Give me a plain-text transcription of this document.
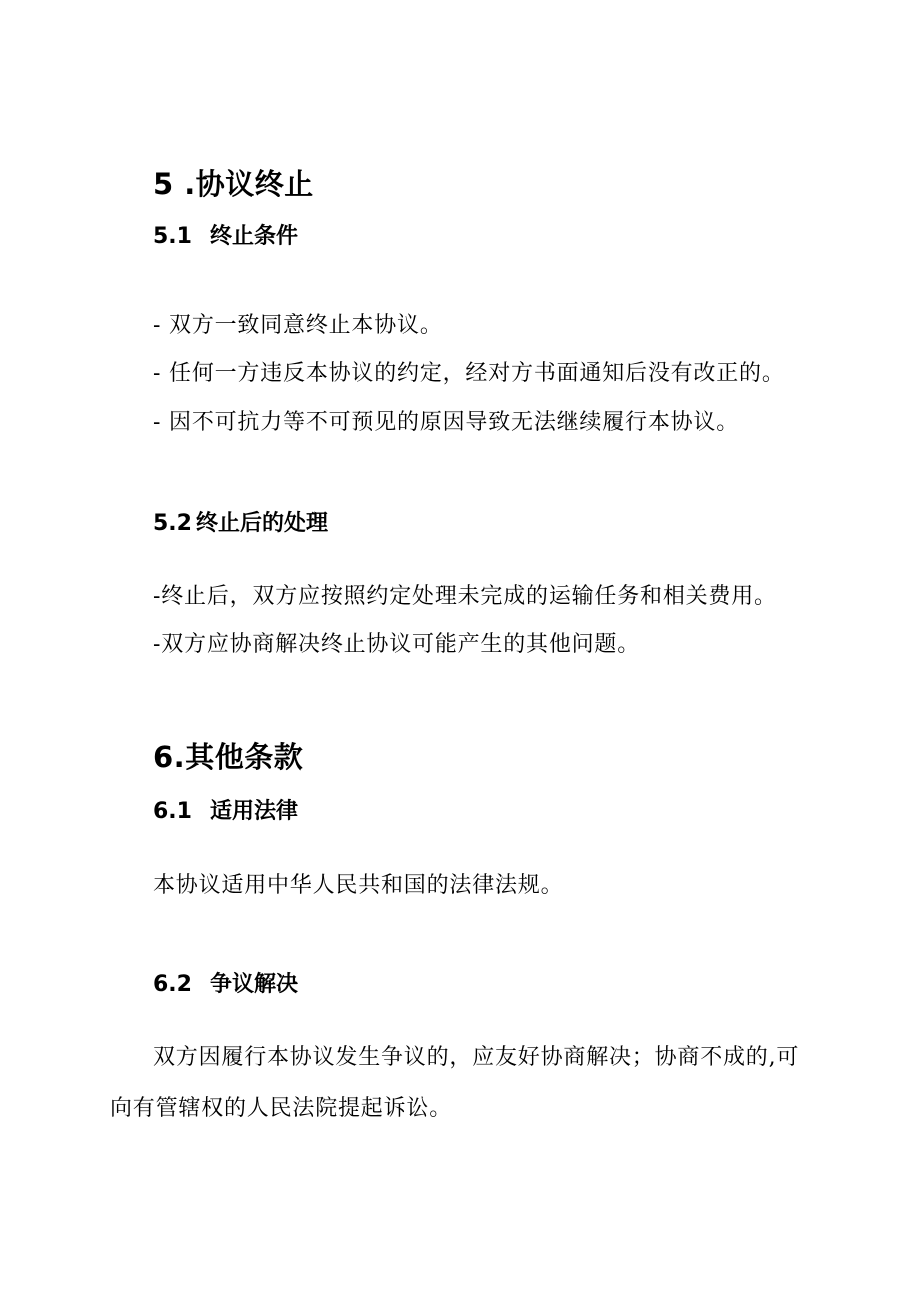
5 .协议终止
5.1 终止条件

- 双方一致同意终止本协议。

- 任何一方违反本协议的约定，经对方书面通知后没有改正的。

- 因不可抗力等不可预见的原因导致无法继续履行本协议。

5.2 终止后的处理

-终止后，双方应按照约定处理未完成的运输任务和相关费用。

-双方应协商解决终止协议可能产生的其他问题。

6.其他条款
6.1 适用法律

本协议适用中华人民共和国的法律法规。

6.2 争议解决

双方因履行本协议发生争议的，应友好协商解决；协商不成的,可

向有管辖权的人民法院提起诉讼。
